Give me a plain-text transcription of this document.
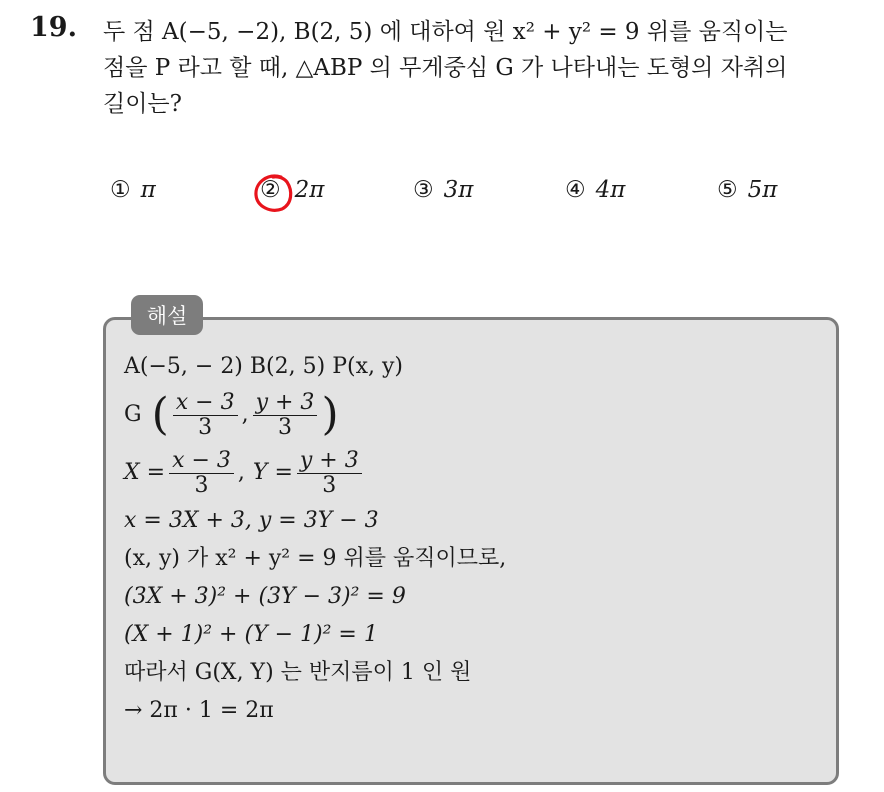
19. 두 점 A(−5, −2), B(2, 5) 에 대하여 원 x² + y² = 9 위를 움직이는
점을 P 라고 할 때, △ABP 의 무게중심 G 가 나타내는 도형의 자취의
길이는?
① π	② 2π	③ 3π	④ 4π	⑤ 5π
해설
A(−5, − 2) B(2, 5) P(x, y)
G ( $\frac{x - 3}{3}$ , $\frac{y + 3}{3}$ )
$X = \frac{x - 3}{3}$ , $Y = \frac{y + 3}{3}$
x = 3X + 3, y = 3Y − 3
(x, y) 가 x² + y² = 9 위를 움직이므로,
(3X + 3)² + (3Y − 3)² = 9
(X + 1)² + (Y − 1)² = 1
따라서 G(X, Y) 는 반지름이 1 인 원
→ 2π · 1 = 2π
